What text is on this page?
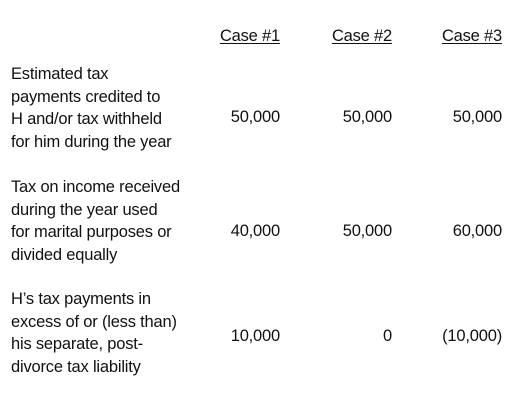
Case #1	Case #2	Case #3
Estimated tax
payments credited to
H and/or tax withheld
for him during the year
50,000	50,000	50,000
Tax on income received
during the year used
for marital purposes or
divided equally
40,000	50,000	60,000
H’s tax payments in
excess of or (less than)
his separate, post-
divorce tax liability
10,000	0	(10,000)
